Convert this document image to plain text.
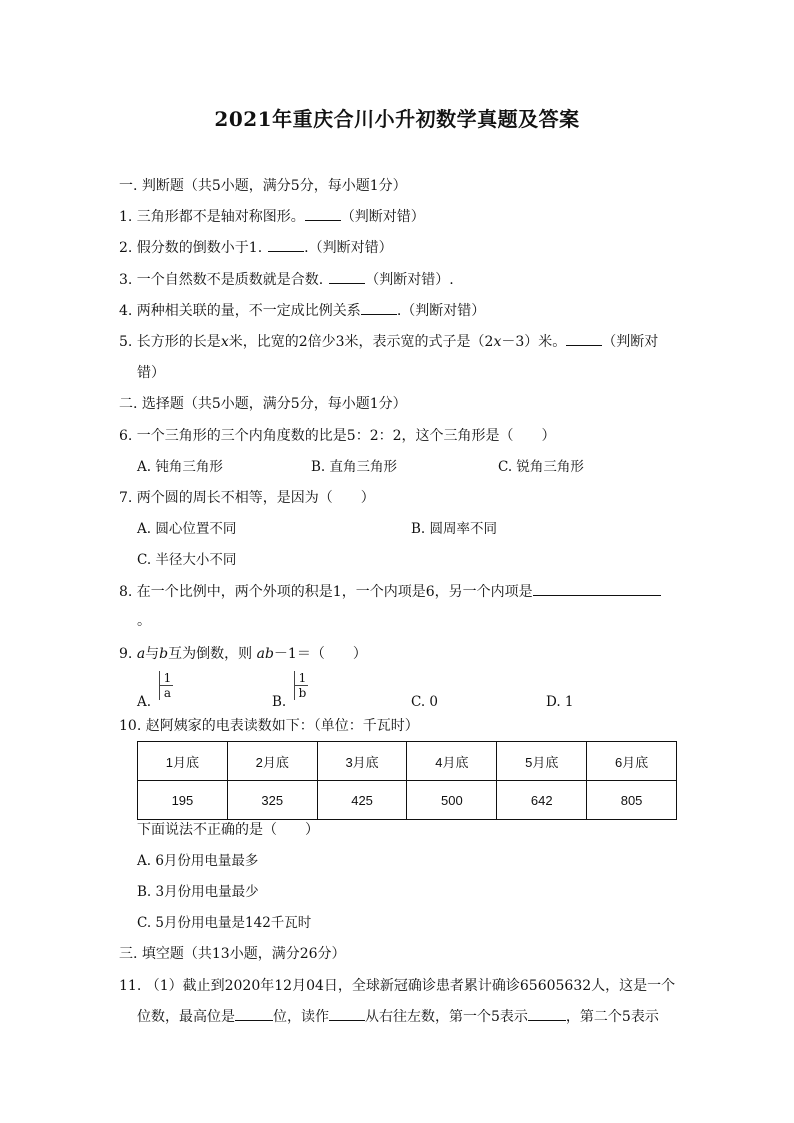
2021年重庆合川小升初数学真题及答案
一. 判断题（共5小题，满分5分，每小题1分）
1. 三角形都不是轴对称图形。	（判断对错）
2. 假分数的倒数小于1.	.（判断对错）
3. 一个自然数不是质数就是合数.	（判断对错）.
4. 两种相关联的量，不一定成比例关系	.（判断对错）
5. 长方形的长是x米，比宽的2倍少3米，表示宽的式子是（2x－3）米。	（判断对
错）
二. 选择题（共5小题，满分5分，每小题1分）
6. 一个三角形的三个内角度数的比是5：2：2，这个三角形是（　　）
A. 钝角三角形	B. 直角三角形	C. 锐角三角形
7. 两个圆的周长不相等，是因为（　　）
A. 圆心位置不同	B. 圆周率不同
C. 半径大小不同
8. 在一个比例中，两个外项的积是1，一个内项是6，另一个内项是
。
9. a与b互为倒数，则 ab－1＝（　　）
A.
$\frac{1}{a}$
B.
$\frac{1}{b}$
C. 0	D. 1
10. 赵阿姨家的电表读数如下：（单位：千瓦时）
1月底	2月底	3月底	4月底	5月底	6月底
195	325	425	500	642	805
下面说法不正确的是（　　）
A. 6月份用电量最多
B. 3月份用电量最少
C. 5月份用电量是142千瓦时
三. 填空题（共13小题，满分26分）
11. （1）截止到2020年12月04日，全球新冠确诊患者累计确诊65605632人，这是一个
位数，最高位是	位，读作	从右往左数，第一个5表示	，第二个5表示
